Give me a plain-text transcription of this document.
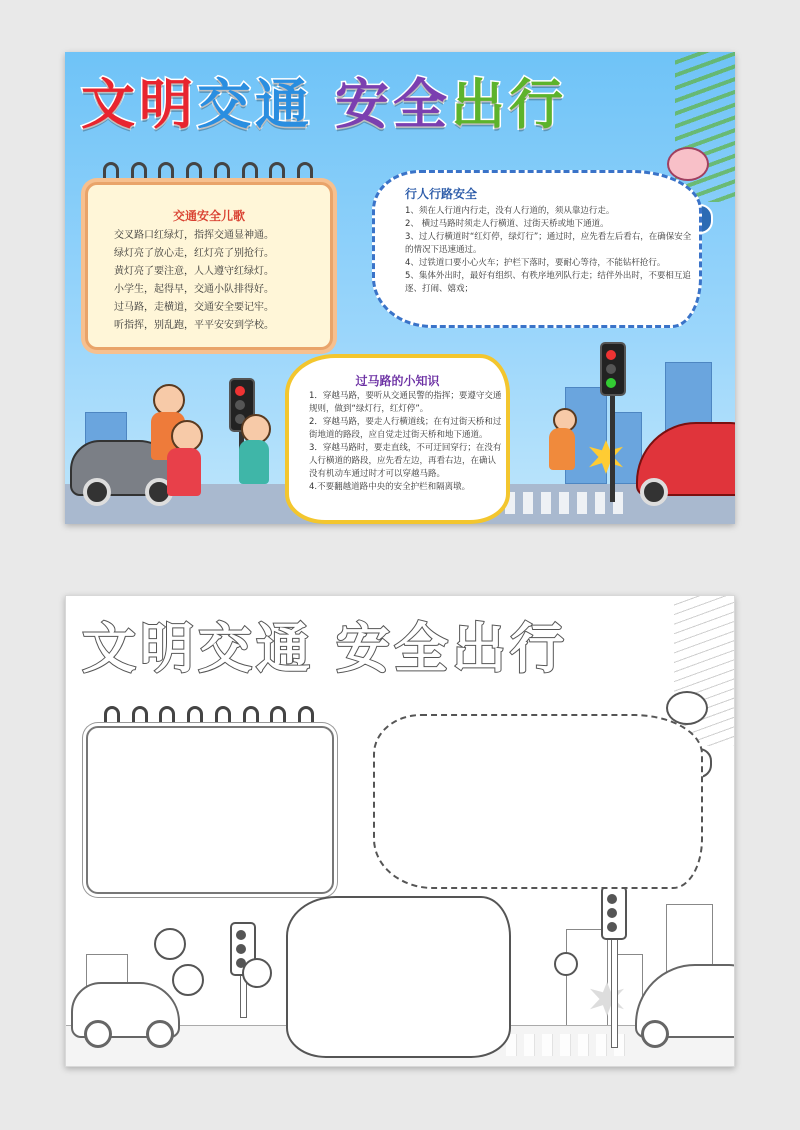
文 明 交 通 安 全 出 行
交通安全儿歌
交叉路口红绿灯，指挥交通显神通。
绿灯亮了放心走，红灯亮了别抢行。
黄灯亮了要注意，人人遵守红绿灯。
小学生，起得早，交通小队排得好。
过马路，走横道，交通安全要记牢。
听指挥，别乱跑，平平安安到学校。
行人行路安全
1、须在人行道内行走，没有人行道的，须从靠边行走。
2、 横过马路时须走人行横道、过街天桥或地下通道。
3、过人行横道时“红灯停，绿灯行”；通过时，应先看左后看右，在确保安全的情况下迅速通过。
4、过铁道口要小心火车；护栏下落时，要耐心等待，不能钻杆抢行。
5、集体外出时，最好有组织、有秩序地列队行走；结伴外出时，不要相互追逐、打闹、嬉戏；
过马路的小知识
1．穿越马路，要听从交通民警的指挥；要遵守交通规则，做到“绿灯行，红灯停”。
2．穿越马路，要走人行横道线；在有过街天桥和过街地道的路段，应自觉走过街天桥和地下通道。
3．穿越马路时，要走直线，不可迂回穿行；在没有人行横道的路段，应先看左边，再看右边，在确认没有机动车通过时才可以穿越马路。
4.不要翻越道路中央的安全护栏和隔离墩。
文 明 交 通 安 全 出 行
